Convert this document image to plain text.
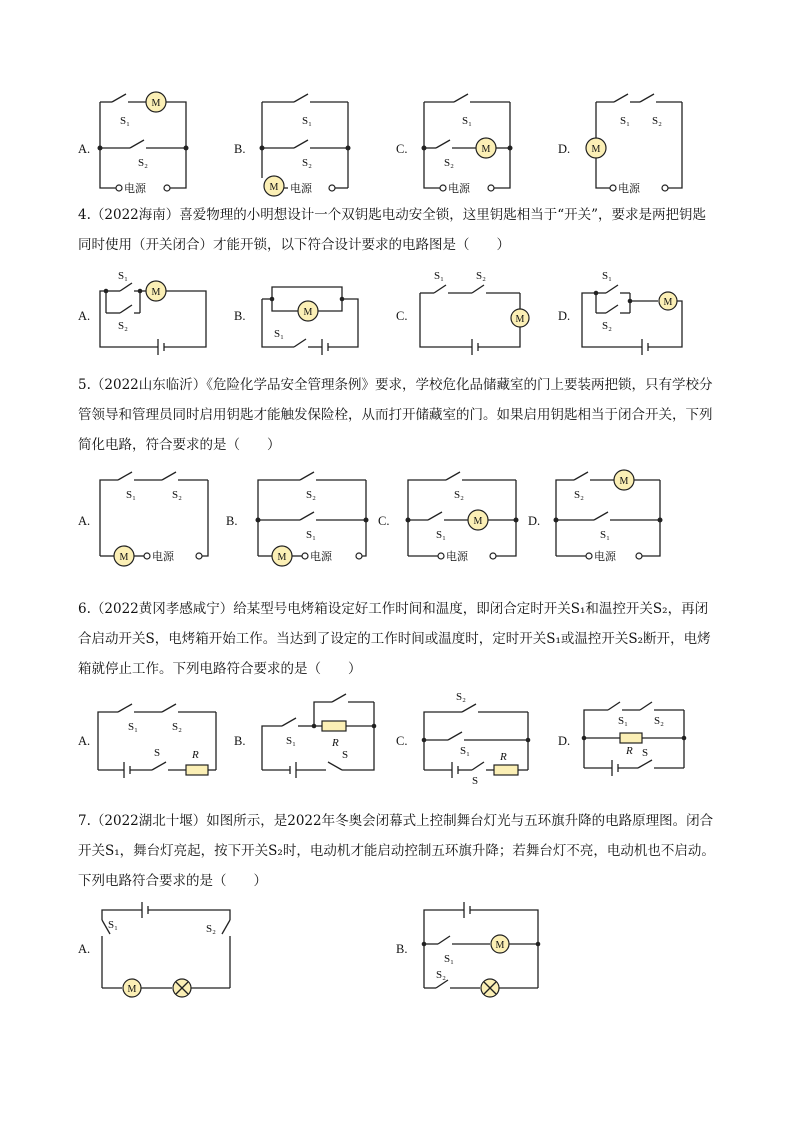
A.
M
S₁
S₂
电源
B.
S₁
S₂
M 电源
C.
S₁
M
S₂
电源
D.
S₁ S₂
M
电源
4.（2022海南）喜爱物理的小明想设计一个双钥匙电动安全锁，这里钥匙相当于“开关”，要求是两把钥匙同时使用（开关闭合）才能开锁，以下符合设计要求的电路图是（　　）
A.
M
S₁
S₂
B.	M
S₁
C.	M
S₁	S₂
D.
M
S₁
S₂
5.（2022山东临沂）《危险化学品安全管理条例》要求，学校危化品储藏室的门上要装两把锁，只有学校分管领导和管理员同时启用钥匙才能触发保险栓，从而打开储藏室的门。如果启用钥匙相当于闭合开关，下列简化电路，符合要求的是（　　）
A.
S₁	S₂
M 电源
B.
S₂
S₁
M 电源
C.
S₂
M
S₁
电源
D.
M
S₂
S₁
电源
6.（2022黄冈孝感咸宁）给某型号电烤箱设定好工作时间和温度，即闭合定时开关S₁和温控开关S₂，再闭合启动开关S，电烤箱开始工作。当达到了设定的工作时间或温度时，定时开关S₁或温控开关S₂断开，电烤箱就停止工作。下列电路符合要求的是（　　）
A.
S₁	S₂
S	R
B.	S₁	R
S
C.
S₂
S₁
S
R
D.
S₁ S₂
R S
7.（2022湖北十堰）如图所示，是2022年冬奥会闭幕式上控制舞台灯光与五环旗升降的电路原理图。闭合开关S₁，舞台灯亮起，按下开关S₂时，电动机才能启动控制五环旗升降；若舞台灯不亮，电动机也不启动。下列电路符合要求的是（　　）
A.
S₁	S₂
M
B.	M
S₁
S₂
